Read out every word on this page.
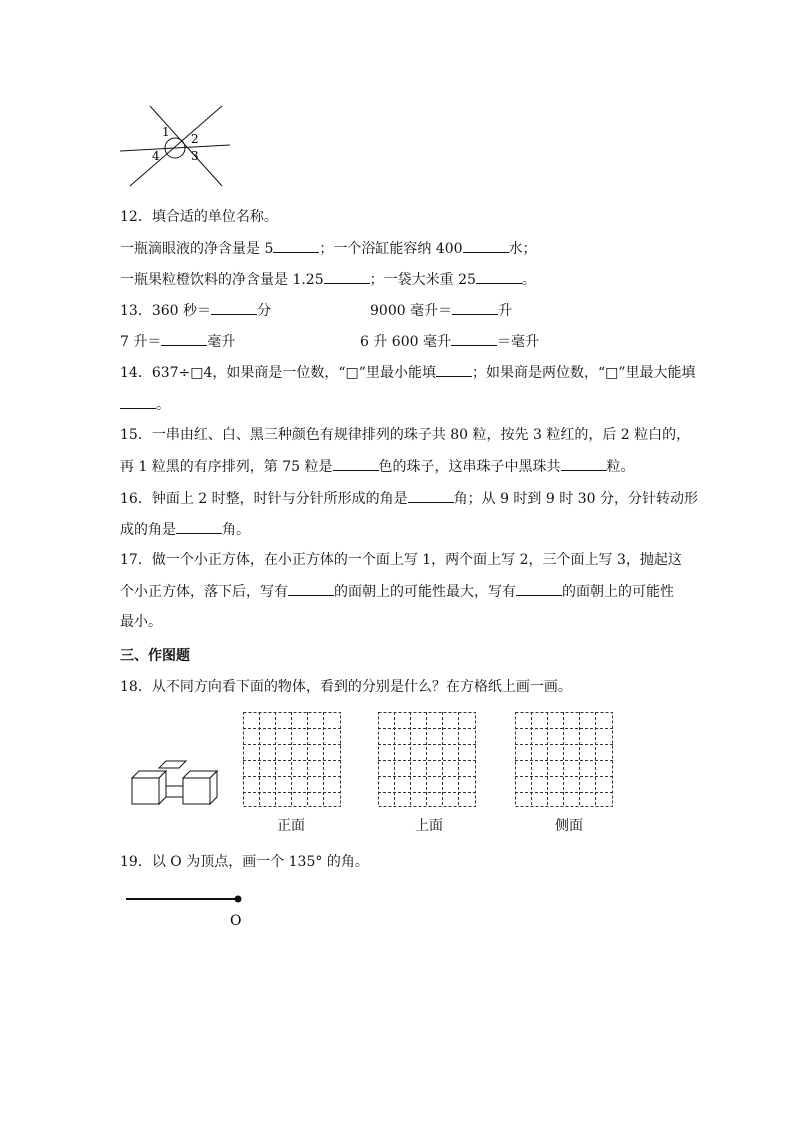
1 2
3
4
12．填合适的单位名称。
一瓶滴眼液的净含量是 5	；一个浴缸能容纳 400	水；
一瓶果粒橙饮料的净含量是 1.25	；一袋大米重 25	。
13．360 秒＝	分	9000 毫升＝	升
7 升＝	毫升	6 升 600 毫升	＝毫升
14．637÷□4，如果商是一位数，“□”里最小能填	；如果商是两位数，“□”里最大能填
。
15．一串由红、白、黑三种颜色有规律排列的珠子共 80 粒，按先 3 粒红的，后 2 粒白的，
再 1 粒黑的有序排列，第 75 粒是	色的珠子，这串珠子中黑珠共	粒。
16．钟面上 2 时整，时针与分针所形成的角是	角；从 9 时到 9 时 30 分，分针转动形
成的角是	角。
17．做一个小正方体，在小正方体的一个面上写 1，两个面上写 2，三个面上写 3，抛起这
个小正方体，落下后，写有	的面朝上的可能性最大，写有	的面朝上的可能性
最小。
三、作图题
18．从不同方向看下面的物体，看到的分别是什么？在方格纸上画一画。
正面	上面	侧面
19．以 O 为顶点，画一个 135° 的角。
O
